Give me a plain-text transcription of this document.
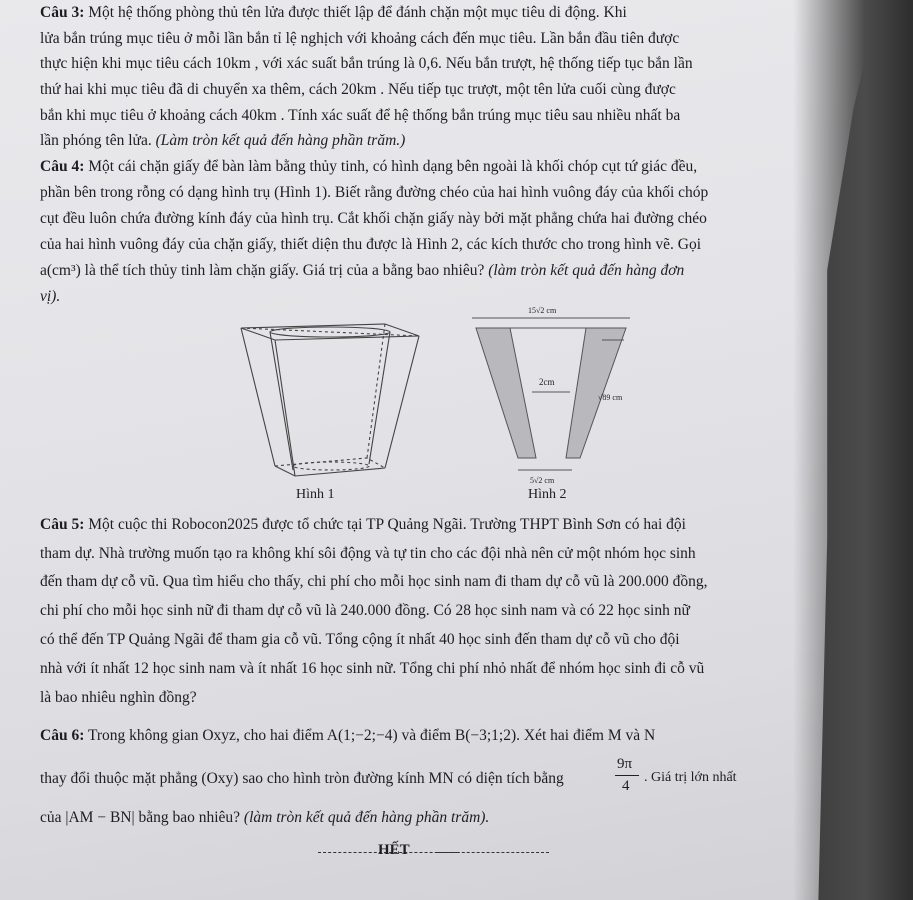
Câu 3: Một hệ thống phòng thủ tên lửa được thiết lập để đánh chặn một mục tiêu di động. Khi
lửa bắn trúng mục tiêu ở mỗi lần bắn tỉ lệ nghịch với khoảng cách đến mục tiêu. Lần bắn đầu tiên được
thực hiện khi mục tiêu cách 10km , với xác suất bắn trúng là 0,6. Nếu bắn trượt, hệ thống tiếp tục bắn lần
thứ hai khi mục tiêu đã di chuyển xa thêm, cách 20km . Nếu tiếp tục trượt, một tên lửa cuối cùng được
bắn khi mục tiêu ở khoảng cách 40km . Tính xác suất để hệ thống bắn trúng mục tiêu sau nhiều nhất ba
lần phóng tên lửa. (Làm tròn kết quả đến hàng phần trăm.)
Câu 4: Một cái chặn giấy để bàn làm bằng thủy tinh, có hình dạng bên ngoài là khối chóp cụt tứ giác đều,
phần bên trong rỗng có dạng hình trụ (Hình 1). Biết rằng đường chéo của hai hình vuông đáy của khối chóp
cụt đều luôn chứa đường kính đáy của hình trụ. Cắt khối chặn giấy này bởi mặt phẳng chứa hai đường chéo
của hai hình vuông đáy của chặn giấy, thiết diện thu được là Hình 2, các kích thước cho trong hình vẽ. Gọi
a(cm³) là thể tích thủy tinh làm chặn giấy. Giá trị của a bằng bao nhiêu? (làm tròn kết quả đến hàng đơn
vị).
Hình 1
15√2 cm
2cm
√89 cm
5√2 cm
Hình 2
Câu 5: Một cuộc thi Robocon2025 được tổ chức tại TP Quảng Ngãi. Trường THPT Bình Sơn có hai đội
tham dự. Nhà trường muốn tạo ra không khí sôi động và tự tin cho các đội nhà nên cử một nhóm học sinh
đến tham dự cỗ vũ. Qua tìm hiểu cho thấy, chi phí cho mỗi học sinh nam đi tham dự cỗ vũ là 200.000 đồng,
chi phí cho mỗi học sinh nữ đi tham dự cỗ vũ là 240.000 đồng. Có 28 học sinh nam và có 22 học sinh nữ
có thể đến TP Quảng Ngãi để tham gia cỗ vũ. Tổng cộng ít nhất 40 học sinh đến tham dự cỗ vũ cho đội
nhà với ít nhất 12 học sinh nam và ít nhất 16 học sinh nữ. Tổng chi phí nhỏ nhất để nhóm học sinh đi cỗ vũ
là bao nhiêu nghìn đồng?
Câu 6: Trong không gian Oxyz, cho hai điểm A(1;−2;−4) và điểm B(−3;1;2). Xét hai điểm M và N
thay đổi thuộc mặt phẳng (Oxy) sao cho hình tròn đường kính MN có diện tích bằng
9π
4
. Giá trị lớn nhất
của |AM − BN| bằng bao nhiêu? (làm tròn kết quả đến hàng phần trăm).
HẾT
